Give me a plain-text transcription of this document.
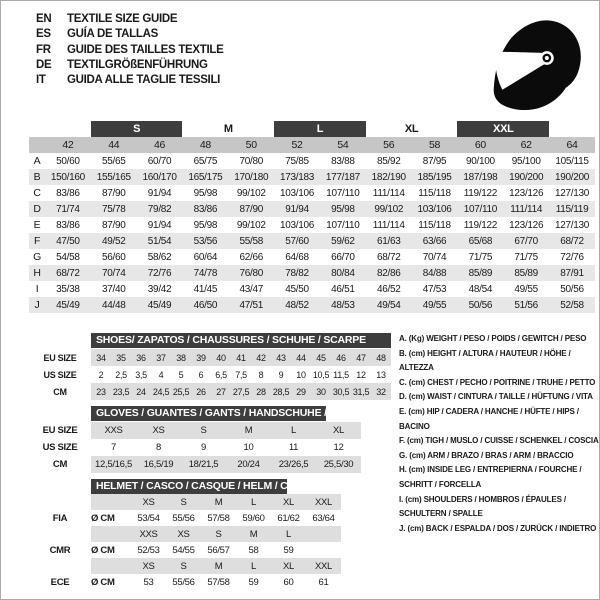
EN	TEXTILE SIZE GUIDE
ES	GUÍA DE TALLAS
FR	GUIDE DES TAILLES TEXTILE
DE	TEXTILGRÖßENFÜHRUNG
IT	GUIDA ALLE TAGLIE TESSILI
		S		M		L		XL		XXL		
	42	44	46	48	50	52	54	56	58	60	62	64
A	50/60	55/65	60/70	65/75	70/80	75/85	83/88	85/92	87/95	90/100	95/100	105/115
B	150/160	155/165	160/170	165/175	170/180	173/183	177/187	182/190	185/195	187/198	190/200	190/200
C	83/86	87/90	91/94	95/98	99/102	103/106	107/110	111/114	115/118	119/122	123/126	127/130
D	71/74	75/78	79/82	83/86	87/90	91/94	95/98	99/102	103/106	107/110	111/114	115/119
E	83/86	87/90	91/94	95/98	99/102	103/106	107/110	111/114	115/118	119/122	123/126	127/130
F	47/50	49/52	51/54	53/56	55/58	57/60	59/62	61/63	63/66	65/68	67/70	68/72
G	54/58	56/60	58/62	60/64	62/66	64/68	66/70	68/72	70/74	71/75	71/75	72/76
H	68/72	70/74	72/76	74/78	76/80	78/82	80/84	82/86	84/88	85/89	85/89	87/91
I	35/38	37/40	39/42	41/45	43/47	45/50	46/51	46/52	47/53	48/54	49/55	50/56
J	45/49	44/48	45/49	46/50	47/51	48/52	48/53	49/54	49/55	50/56	51/56	52/58

	SHOES/ ZAPATOS / CHAUSSURES / SCHUHE / SCARPE														

EU SIZE	34	35	36	37	38	39	40	41	42	43	44	45	46	47	48
US SIZE	2	2,5	3,5	4	5	6	6,5	7,5	8	9	10	10,5	11,5	12	13
CM	23	23,5	24	24,5	25,5	26	27	27,5	28	28,5	29	30	30,5	31,5	32

	GLOVES / GUANTES / GANTS / HANDSCHUHE / GUANTI					

EU SIZE	XXS	XS	S	M	L	XL
US SIZE	7	8	9	10	11	12
CM	12,5/16,5	16,5/19	18/21,5	20/24	23/26,5	25,5/30

	HELMET / CASCO / CASQUE / HELM / CASCO						

		XS	S	M	L	XL	XXL
FIA	Ø CM	53/54	55/56	57/58	59/60	61/62	63/64
		XXS	XS	S	M	L	
CMR	Ø CM	52/53	54/55	56/57	58	59	
		XS	S	M	L	XL	XXL
ECE	Ø CM	53	55/56	57/58	59	60	61
A. (Kg) WEIGHT / PESO / POIDS / GEWITCH / PESO
B. (cm) HEIGHT / ALTURA / HAUTEUR / HÖHE / ALTEZZA
C. (cm) CHEST / PECHO / POITRINE / TRUHE / PETTO
D. (cm) WAIST / CINTURA / TAILLE / HÜFTUNG / VITA
E. (cm) HIP / CADERA / HANCHE / HÜFTE / HIPS / BACINO
F. (cm) TIGH / MUSLO / CUISSE / SCHENKEL / COSCIA
G. (cm) ARM / BRAZO / BRAS / ARM / BRACCIO
H. (cm) INSIDE LEG / ENTREPIERNA / FOURCHE / SCHRITT / FORCELLA
I. (cm) SHOULDERS / HOMBROS / ÉPAULES / SCHULTERN / SPALLE
J. (cm) BACK / ESPALDA / DOS / ZURÜCK / INDIETRO
